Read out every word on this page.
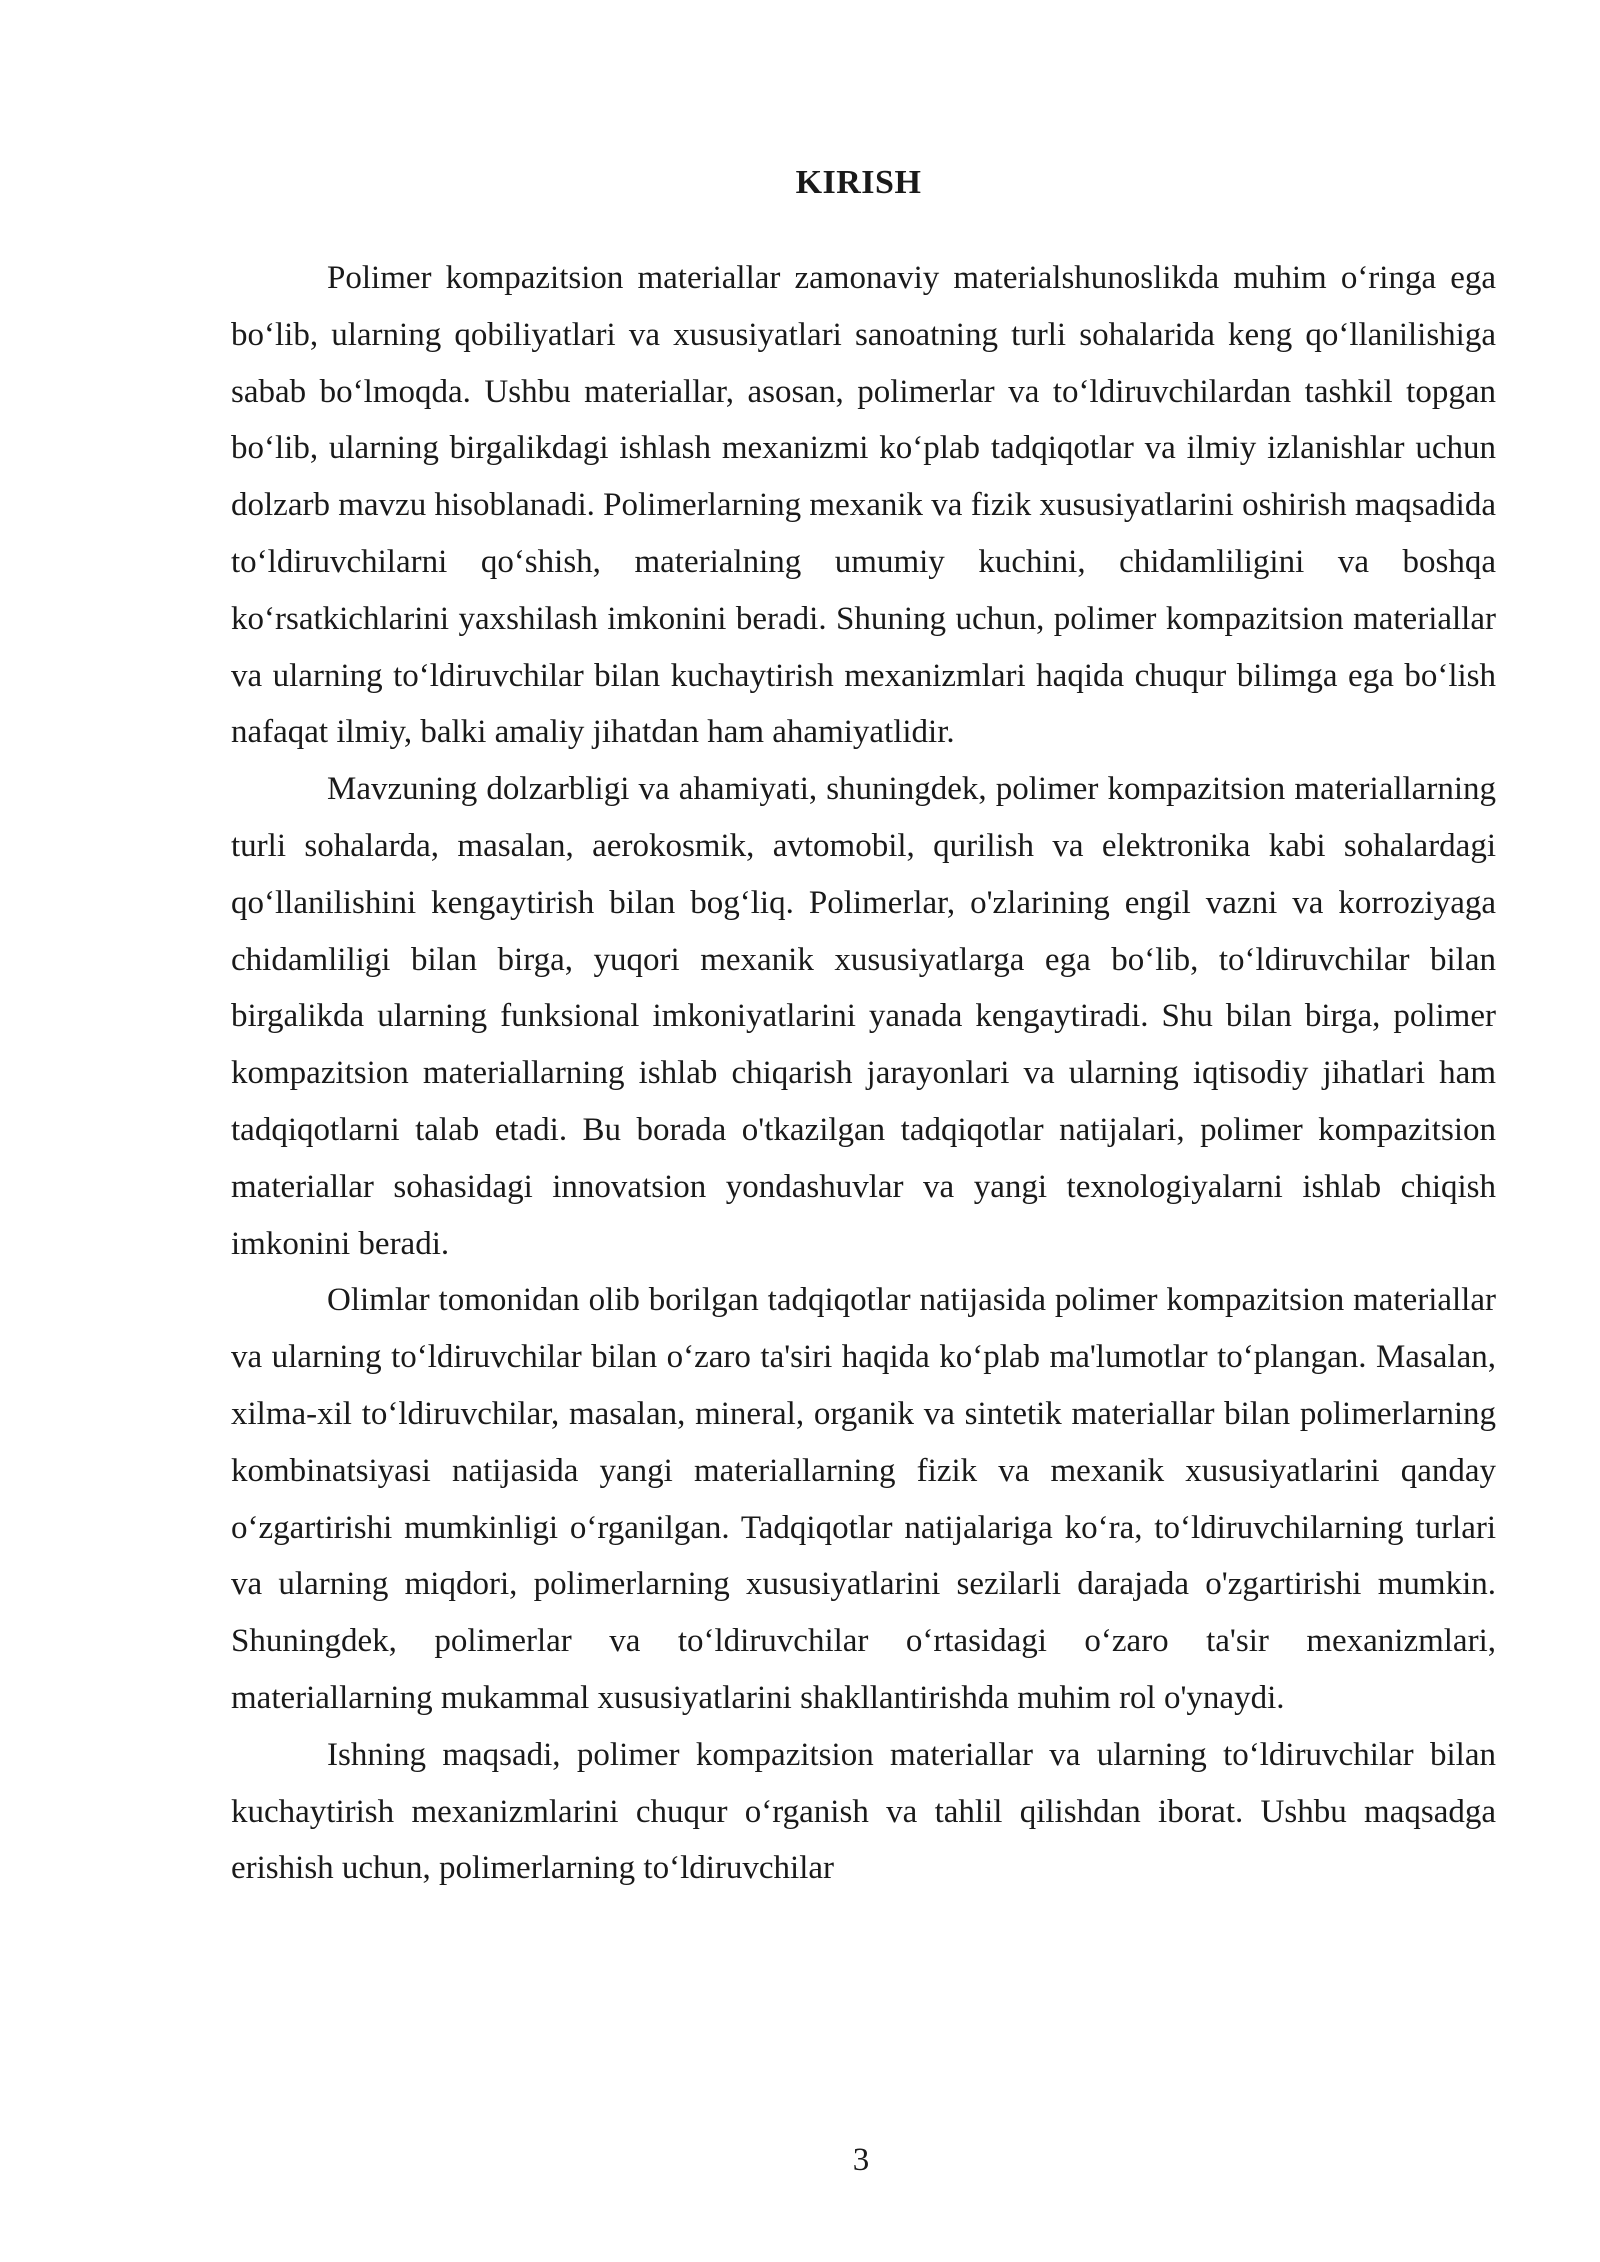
KIRISH

Polimer kompazitsion materiallar zamonaviy materialshunoslikda muhim o‘ringa ega bo‘lib, ularning qobiliyatlari va xususiyatlari sanoatning turli sohalarida keng qo‘llanilishiga sabab bo‘lmoqda. Ushbu materiallar, asosan, polimerlar va to‘ldiruvchilardan tashkil topgan bo‘lib, ularning birgalikdagi ishlash mexanizmi ko‘plab tadqiqotlar va ilmiy izlanishlar uchun dolzarb mavzu hisoblanadi. Polimerlarning mexanik va fizik xususiyatlarini oshirish maqsadida to‘ldiruvchilarni qo‘shish, materialning umumiy kuchini, chidamliligini va boshqa ko‘rsatkichlarini yaxshilash imkonini beradi. Shuning uchun, polimer kompazitsion materiallar va ularning to‘ldiruvchilar bilan kuchaytirish mexanizmlari haqida chuqur bilimga ega bo‘lish nafaqat ilmiy, balki amaliy jihatdan ham ahamiyatlidir.

Mavzuning dolzarbligi va ahamiyati, shuningdek, polimer kompazitsion materiallarning turli sohalarda, masalan, aerokosmik, avtomobil, qurilish va elektronika kabi sohalardagi qo‘llanilishini kengaytirish bilan bog‘liq. Polimerlar, o'zlarining engil vazni va korroziyaga chidamliligi bilan birga, yuqori mexanik xususiyatlarga ega bo‘lib, to‘ldiruvchilar bilan birgalikda ularning funksional imkoniyatlarini yanada kengaytiradi. Shu bilan birga, polimer kompazitsion materiallarning ishlab chiqarish jarayonlari va ularning iqtisodiy jihatlari ham tadqiqotlarni talab etadi. Bu borada o'tkazilgan tadqiqotlar natijalari, polimer kompazitsion materiallar sohasidagi innovatsion yondashuvlar va yangi texnologiyalarni ishlab chiqish imkonini beradi.

Olimlar tomonidan olib borilgan tadqiqotlar natijasida polimer kompazitsion materiallar va ularning to‘ldiruvchilar bilan o‘zaro ta'siri haqida ko‘plab ma'lumotlar to‘plangan. Masalan, xilma-xil to‘ldiruvchilar, masalan, mineral, organik va sintetik materiallar bilan polimerlarning kombinatsiyasi natijasida yangi materiallarning fizik va mexanik xususiyatlarini qanday o‘zgartirishi mumkinligi o‘rganilgan. Tadqiqotlar natijalariga ko‘ra, to‘ldiruvchilarning turlari va ularning miqdori, polimerlarning xususiyatlarini sezilarli darajada o'zgartirishi mumkin. Shuningdek, polimerlar va to‘ldiruvchilar o‘rtasidagi o‘zaro ta'sir mexanizmlari, materiallarning mukammal xususiyatlarini shakllantirishda muhim rol o'ynaydi.

Ishning maqsadi, polimer kompazitsion materiallar va ularning to‘ldiruvchilar bilan kuchaytirish mexanizmlarini chuqur o‘rganish va tahlil qilishdan iborat. Ushbu maqsadga erishish uchun, polimerlarning to‘ldiruvchilar

3
